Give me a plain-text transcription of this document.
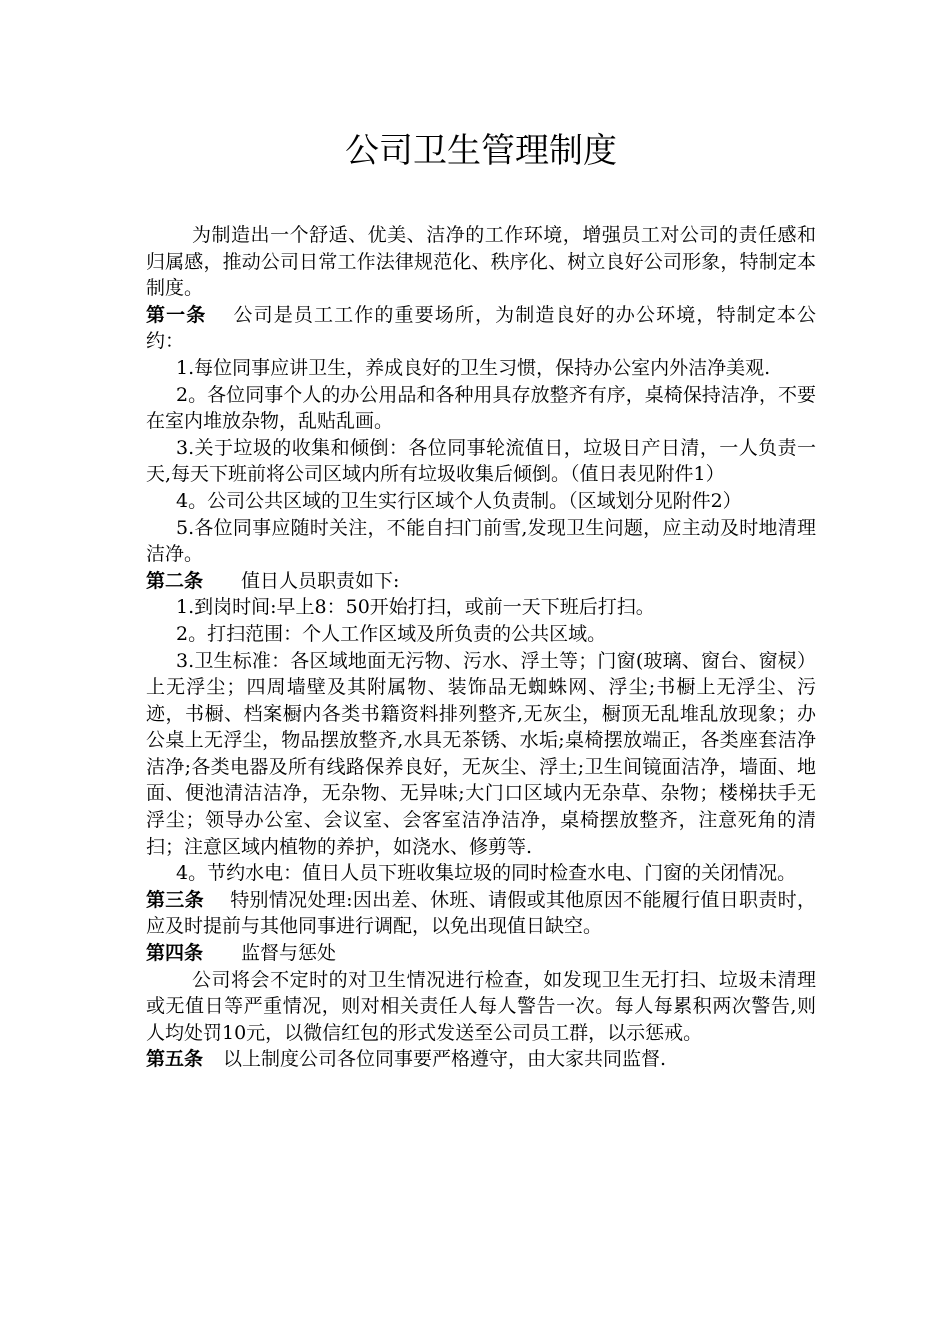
公司卫生管理制度

为制造出一个舒适、优美、洁净的工作环境，增强员工对公司的责任感和归属感，推动公司日常工作法律规范化、秩序化、树立良好公司形象，特制定本制度。

第一条 公司是员工工作的重要场所，为制造良好的办公环境，特制定本公约：

1.每位同事应讲卫生，养成良好的卫生习惯，保持办公室内外洁净美观.

2。各位同事个人的办公用品和各种用具存放整齐有序，桌椅保持洁净，不要在室内堆放杂物，乱贴乱画。

3.关于垃圾的收集和倾倒：各位同事轮流值日，垃圾日产日清，一人负责一天,每天下班前将公司区域内所有垃圾收集后倾倒。（值日表见附件1）

4。公司公共区域的卫生实行区域个人负责制。（区域划分见附件2）

5.各位同事应随时关注，不能自扫门前雪,发现卫生问题，应主动及时地清理洁净。

第二条 值日人员职责如下:

1.到岗时间:早上8：50开始打扫，或前一天下班后打扫。

2。打扫范围：个人工作区域及所负责的公共区域。

3.卫生标准：各区域地面无污物、污水、浮土等；门窗(玻璃、窗台、窗棂）上无浮尘；四周墙壁及其附属物、装饰品无蜘蛛网、浮尘;书橱上无浮尘、污迹，书橱、档案橱内各类书籍资料排列整齐,无灰尘，橱顶无乱堆乱放现象；办公桌上无浮尘，物品摆放整齐,水具无茶锈、水垢;桌椅摆放端正，各类座套洁净洁净;各类电器及所有线路保养良好，无灰尘、浮土;卫生间镜面洁净，墙面、地面、便池清洁洁净，无杂物、无异味;大门口区域内无杂草、杂物；楼梯扶手无浮尘；领导办公室、会议室、会客室洁净洁净，桌椅摆放整齐，注意死角的清扫；注意区域内植物的养护，如浇水、修剪等.

4。节约水电：值日人员下班收集垃圾的同时检查水电、门窗的关闭情况。

第三条 特别情况处理:因出差、休班、请假或其他原因不能履行值日职责时，应及时提前与其他同事进行调配，以免出现值日缺空。

第四条 监督与惩处

公司将会不定时的对卫生情况进行检查，如发现卫生无打扫、垃圾未清理或无值日等严重情况，则对相关责任人每人警告一次。每人每累积两次警告,则人均处罚10元，以微信红包的形式发送至公司员工群，以示惩戒。

第五条 以上制度公司各位同事要严格遵守，由大家共同监督.
